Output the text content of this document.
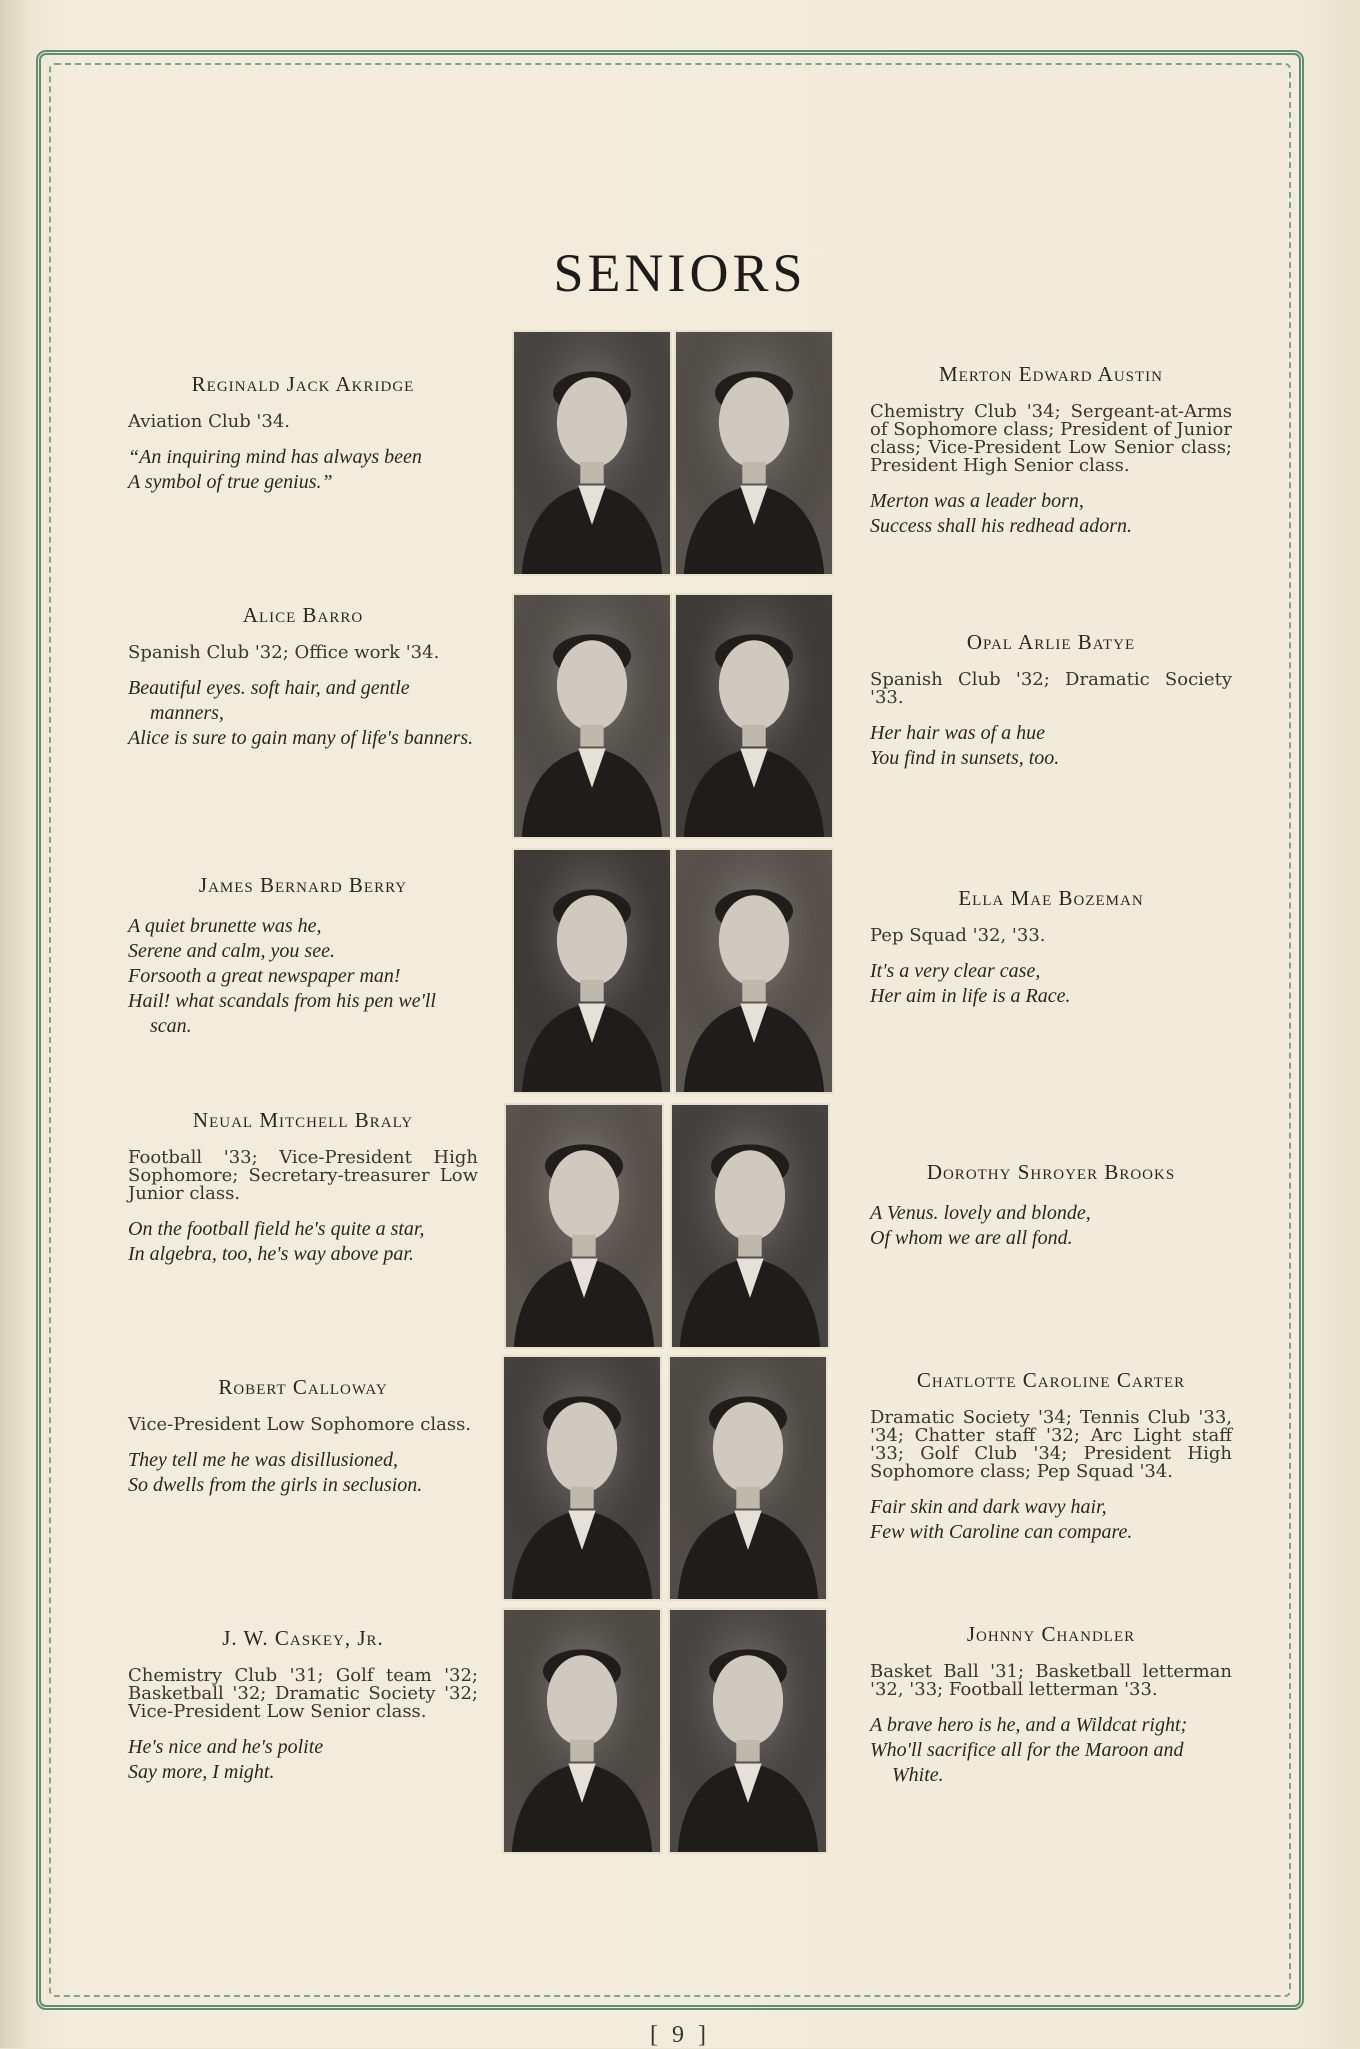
SENIORS

Reginald Jack Akridge

Aviation Club '34.

“An inquiring mind has always been
A symbol of true genius.”

Alice Barro

Spanish Club '32; Office work '34.

Beautiful eyes. soft hair, and gentle manners,
Alice is sure to gain many of life's banners.

James Bernard Berry

A quiet brunette was he,
Serene and calm, you see.
Forsooth a great newspaper man!
Hail! what scandals from his pen we'll scan.

Neual Mitchell Braly

Football '33; Vice-President High Sophomore; Secretary-treasurer Low Junior class.

On the football field he's quite a star,
In algebra, too, he's way above par.

Robert Calloway

Vice-President Low Sophomore class.

They tell me he was disillusioned,
So dwells from the girls in seclusion.

J. W. Caskey, Jr.

Chemistry Club '31; Golf team '32; Basketball '32; Dramatic Society '32; Vice-President Low Senior class.

He's nice and he's polite
Say more, I might.

Merton Edward Austin

Chemistry Club '34; Sergeant-at-Arms of Sophomore class; President of Junior class; Vice-President Low Senior class; President High Senior class.

Merton was a leader born,
Success shall his redhead adorn.

Opal Arlie Batye

Spanish Club '32; Dramatic Society '33.

Her hair was of a hue
You find in sunsets, too.

Ella Mae Bozeman

Pep Squad '32, '33.

It's a very clear case,
Her aim in life is a Race.

Dorothy Shroyer Brooks

A Venus. lovely and blonde,
Of whom we are all fond.

Chatlotte Caroline Carter

Dramatic Society '34; Tennis Club '33, '34; Chatter staff '32; Arc Light staff '33; Golf Club '34; President High Sophomore class; Pep Squad '34.

Fair skin and dark wavy hair,
Few with Caroline can compare.

Johnny Chandler

Basket Ball '31; Basketball letterman '32, '33; Football letterman '33.

A brave hero is he, and a Wildcat right;
Who'll sacrifice all for the Maroon and White.

[ 9 ]
